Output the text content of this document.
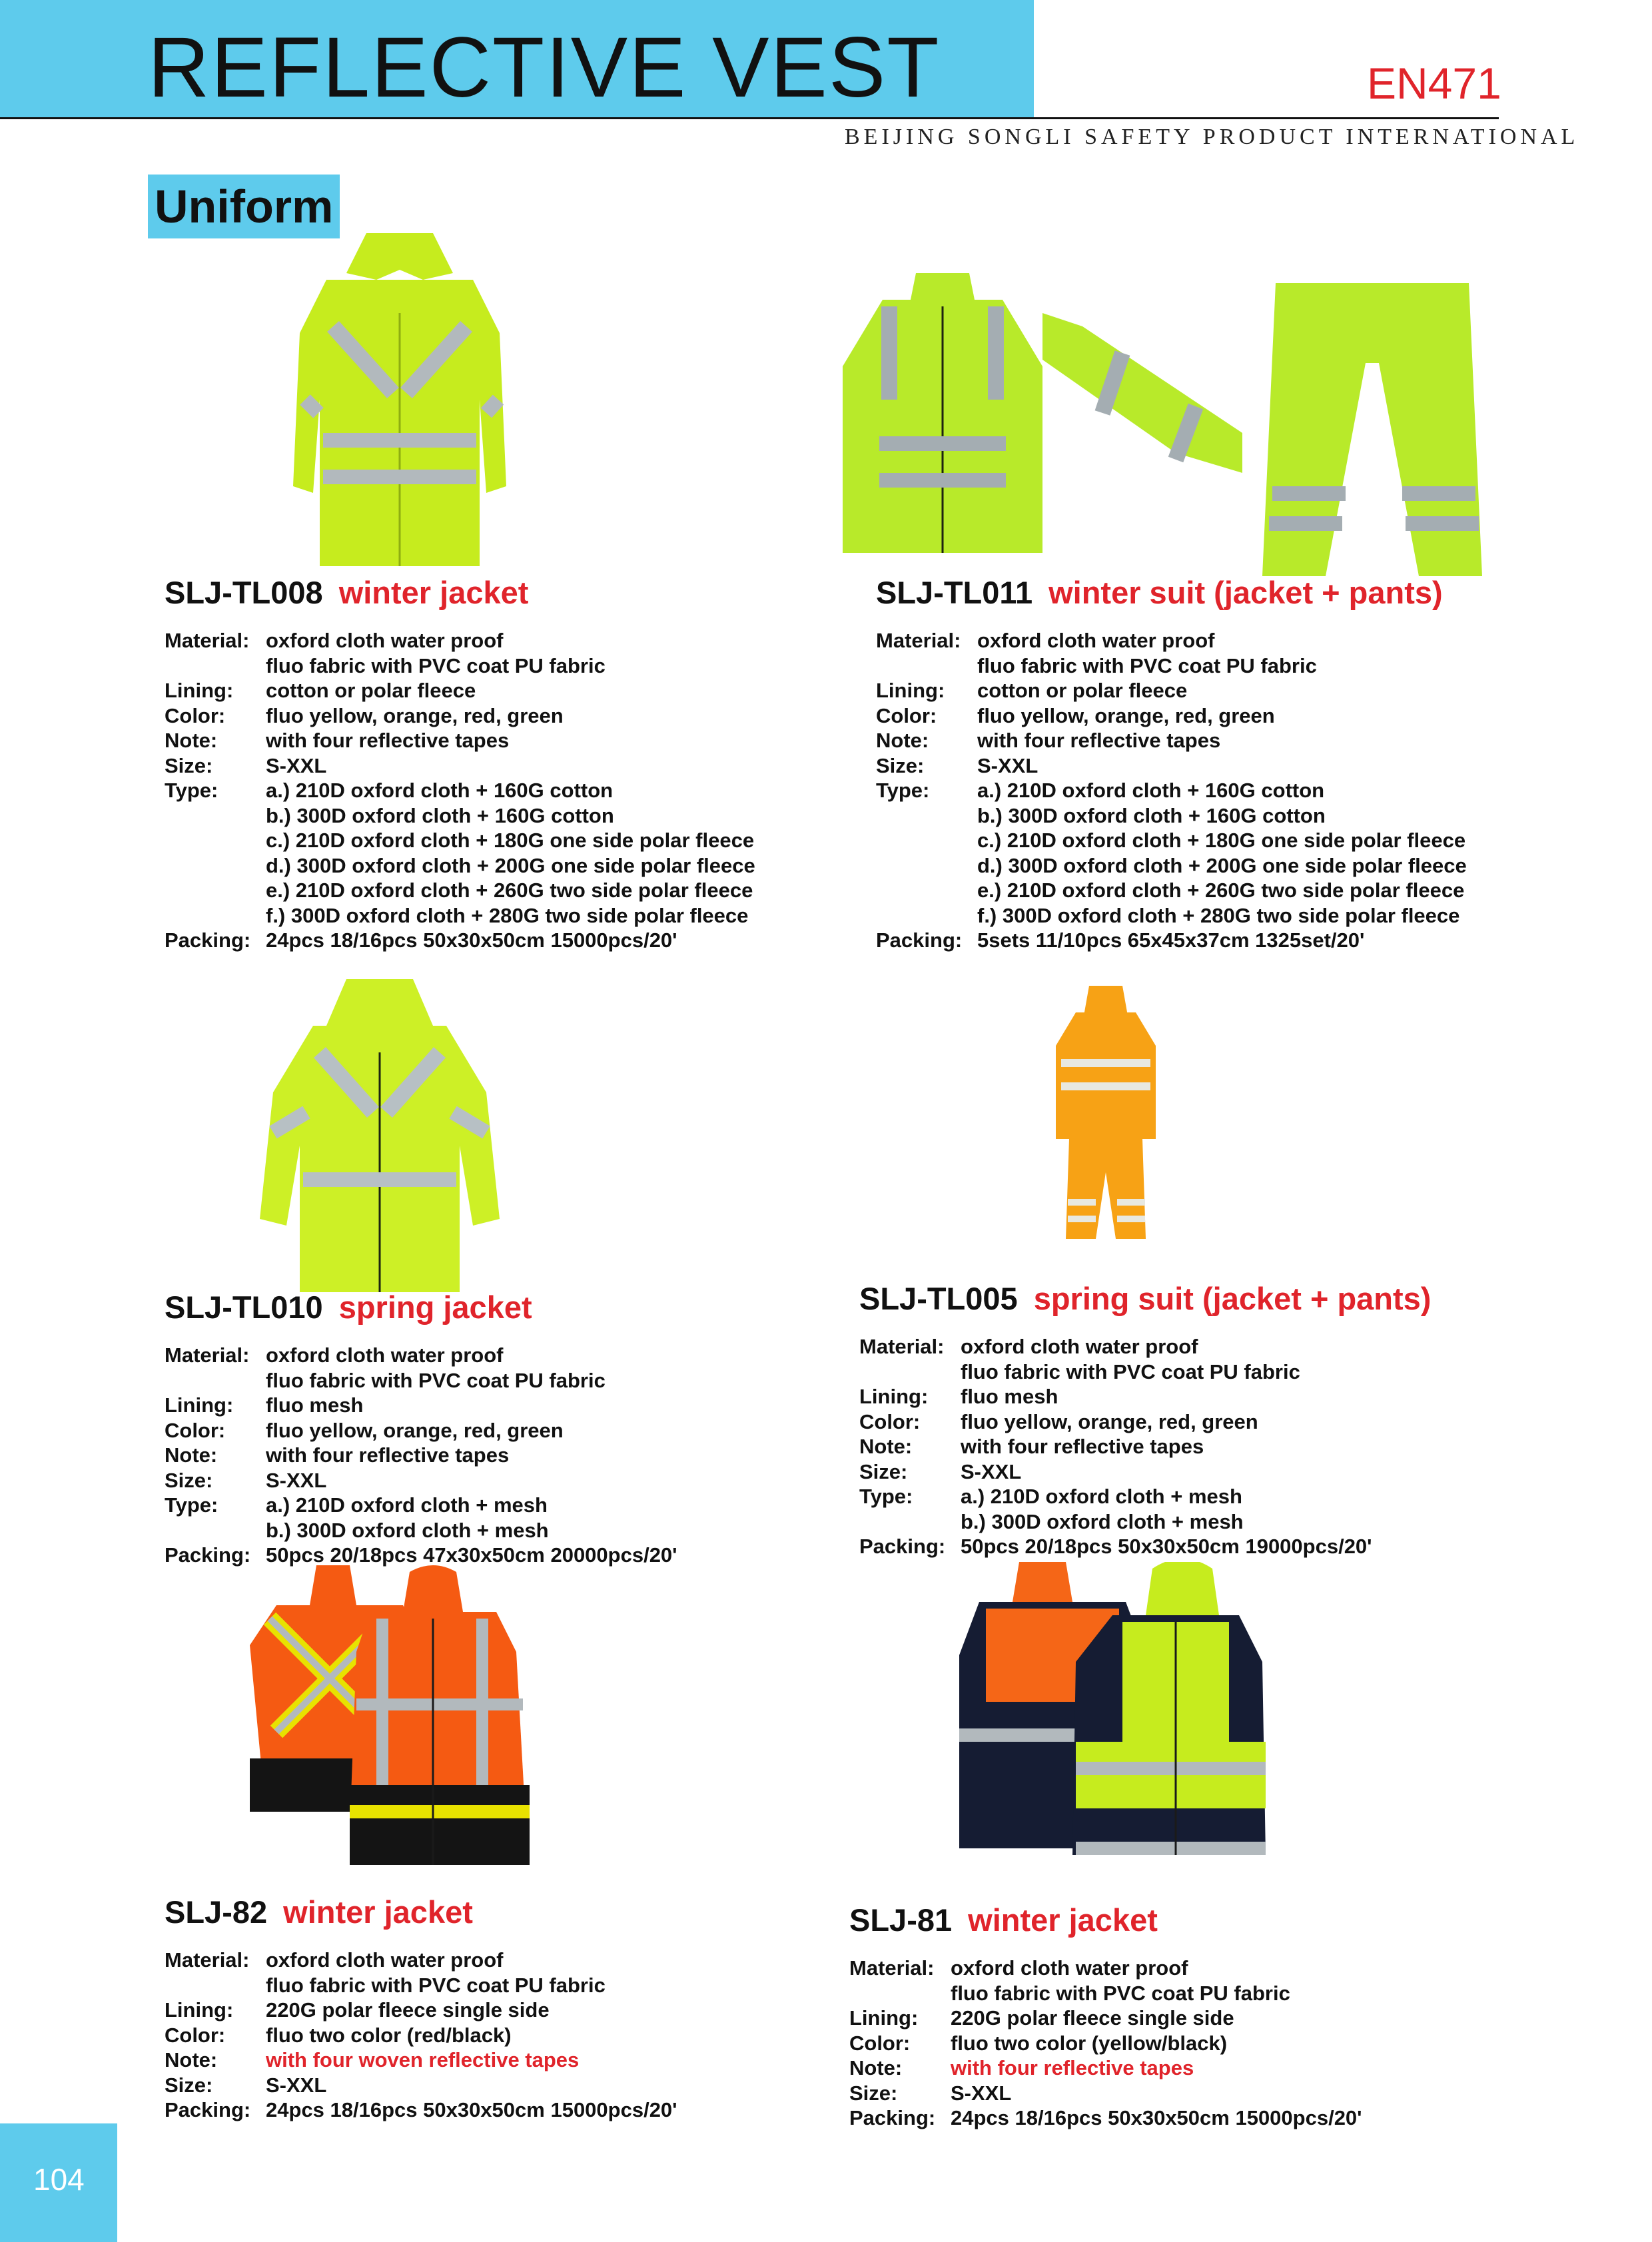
REFLECTIVE VEST	EN471
BEIJING SONGLI SAFETY PRODUCT INTERNATIONAL
Uniform
SLJ-TL008 winter jacket
Material: oxford cloth water proof
fluo fabric with PVC coat PU fabric
Lining:	cotton or polar fleece
Color:	fluo yellow, orange, red, green
Note:	with four reflective tapes
Size:	S-XXL
Type:	a.) 210D oxford cloth + 160G cotton
b.) 300D oxford cloth + 160G cotton
c.) 210D oxford cloth + 180G one side polar fleece
d.) 300D oxford cloth + 200G one side polar fleece
e.) 210D oxford cloth + 260G two side polar fleece
f.) 300D oxford cloth + 280G two side polar fleece
Packing: 24pcs 18/16pcs 50x30x50cm 15000pcs/20'
SLJ-TL011 winter suit (jacket + pants)
Material: oxford cloth water proof
fluo fabric with PVC coat PU fabric
Lining:	cotton or polar fleece
Color:	fluo yellow, orange, red, green
Note:	with four reflective tapes
Size:	S-XXL
Type:	a.) 210D oxford cloth + 160G cotton
b.) 300D oxford cloth + 160G cotton
c.) 210D oxford cloth + 180G one side polar fleece
d.) 300D oxford cloth + 200G one side polar fleece
e.) 210D oxford cloth + 260G two side polar fleece
f.) 300D oxford cloth + 280G two side polar fleece
Packing: 5sets 11/10pcs 65x45x37cm 1325set/20'
SLJ-TL010 spring jacket
Material: oxford cloth water proof
fluo fabric with PVC coat PU fabric
Lining:	fluo mesh
Color:	fluo yellow, orange, red, green
Note:	with four reflective tapes
Size:	S-XXL
Type:	a.) 210D oxford cloth + mesh
b.) 300D oxford cloth + mesh
Packing: 50pcs 20/18pcs 47x30x50cm 20000pcs/20'
SLJ-TL005 spring suit (jacket + pants)
Material: oxford cloth water proof
fluo fabric with PVC coat PU fabric
Lining:	fluo mesh
Color:	fluo yellow, orange, red, green
Note:	with four reflective tapes
Size:	S-XXL
Type:	a.) 210D oxford cloth + mesh
b.) 300D oxford cloth + mesh
Packing: 50pcs 20/18pcs 50x30x50cm 19000pcs/20'
SLJ-82 winter jacket
Material: oxford cloth water proof
fluo fabric with PVC coat PU fabric
Lining:	220G polar fleece single side
Color:	fluo two color (red/black)
Note:	with four woven reflective tapes
Size:	S-XXL
Packing: 24pcs 18/16pcs 50x30x50cm 15000pcs/20'
SLJ-81 winter jacket
Material: oxford cloth water proof
fluo fabric with PVC coat PU fabric
Lining:	220G polar fleece single side
Color:	fluo two color (yellow/black)
Note:	with four reflective tapes
Size:	S-XXL
Packing: 24pcs 18/16pcs 50x30x50cm 15000pcs/20'
104
